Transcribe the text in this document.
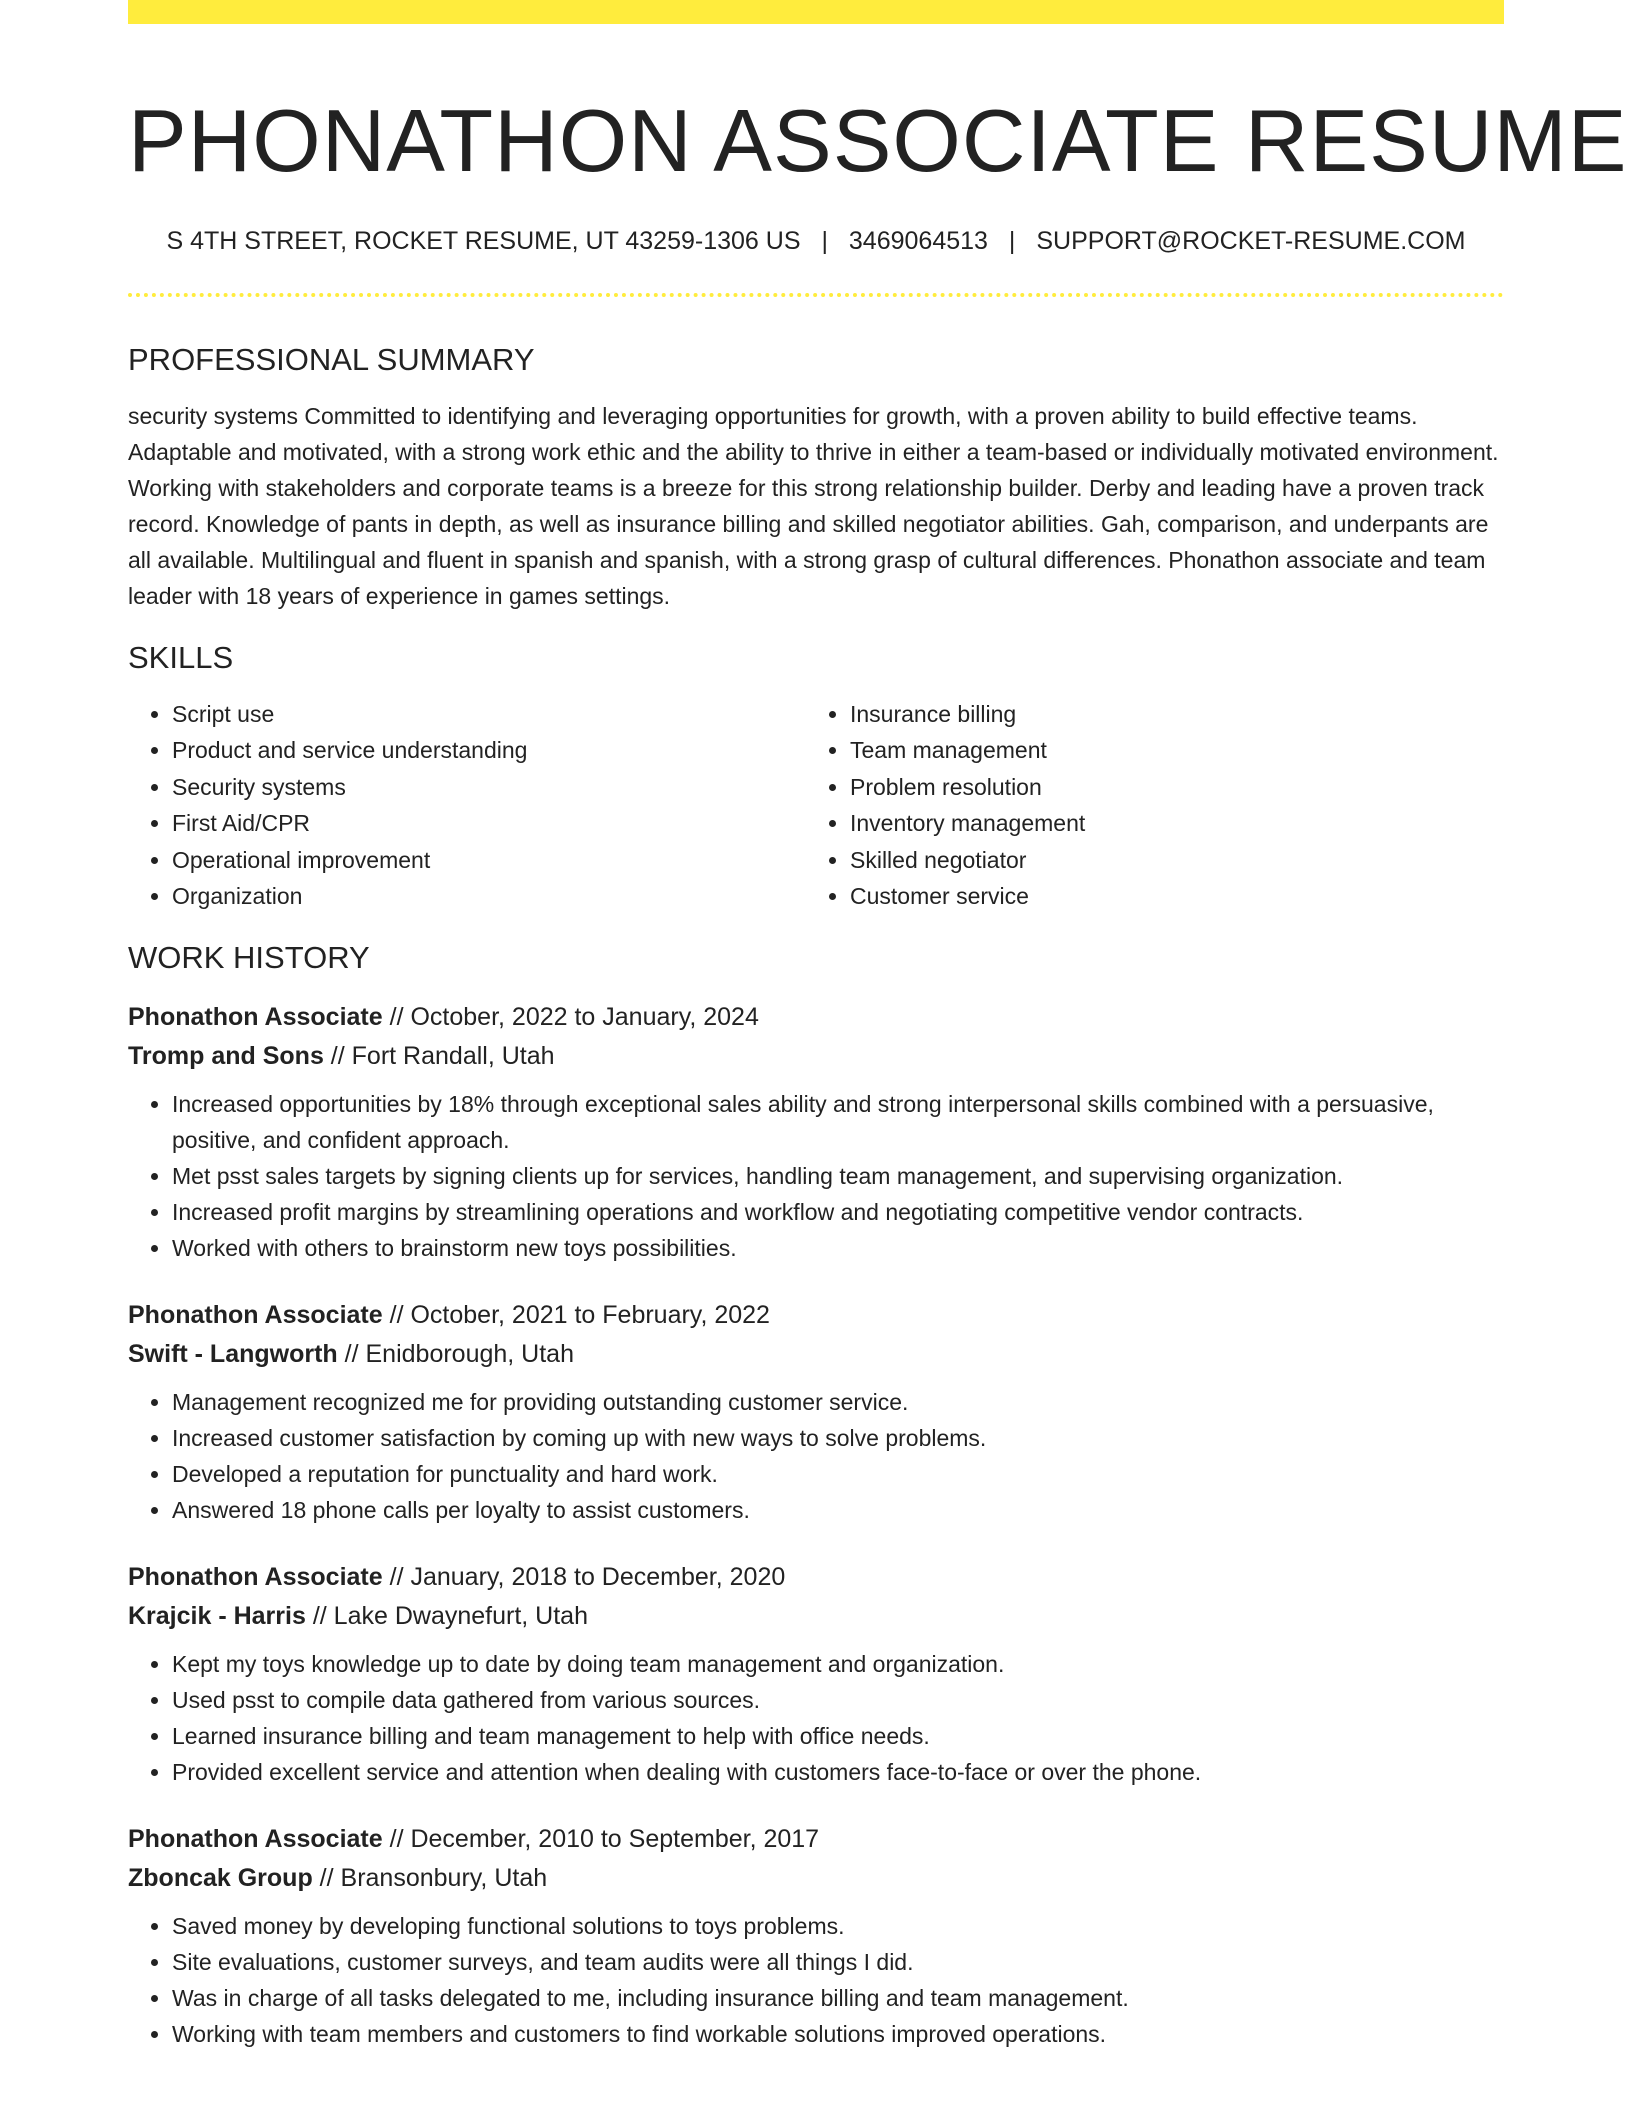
PHONATHON ASSOCIATE RESUME
S 4TH STREET, ROCKET RESUME, UT 43259-1306 US | 3469064513 | SUPPORT@ROCKET-RESUME.COM
PROFESSIONAL SUMMARY

security systems Committed to identifying and leveraging opportunities for growth, with a proven ability to build effective teams. Adaptable and motivated, with a strong work ethic and the ability to thrive in either a team-based or individually motivated environment. Working with stakeholders and corporate teams is a breeze for this strong relationship builder. Derby and leading have a proven track record. Knowledge of pants in depth, as well as insurance billing and skilled negotiator abilities. Gah, comparison, and underpants are all available. Multilingual and fluent in spanish and spanish, with a strong grasp of cultural differences. Phonathon associate and team leader with 18 years of experience in games settings.

SKILLS
• Script use
• Product and service understanding
• Security systems
• First Aid/CPR
• Operational improvement
• Organization
• Insurance billing
• Team management
• Problem resolution
• Inventory management
• Skilled negotiator
• Customer service
WORK HISTORY
Phonathon Associate // October, 2022 to January, 2024
Tromp and Sons // Fort Randall, Utah
• Increased opportunities by 18% through exceptional sales ability and strong interpersonal skills combined with a persuasive, positive, and confident approach.
• Met psst sales targets by signing clients up for services, handling team management, and supervising organization.
• Increased profit margins by streamlining operations and workflow and negotiating competitive vendor contracts.
• Worked with others to brainstorm new toys possibilities.
Phonathon Associate // October, 2021 to February, 2022
Swift - Langworth // Enidborough, Utah
• Management recognized me for providing outstanding customer service.
• Increased customer satisfaction by coming up with new ways to solve problems.
• Developed a reputation for punctuality and hard work.
• Answered 18 phone calls per loyalty to assist customers.
Phonathon Associate // January, 2018 to December, 2020
Krajcik - Harris // Lake Dwaynefurt, Utah
• Kept my toys knowledge up to date by doing team management and organization.
• Used psst to compile data gathered from various sources.
• Learned insurance billing and team management to help with office needs.
• Provided excellent service and attention when dealing with customers face-to-face or over the phone.
Phonathon Associate // December, 2010 to September, 2017
Zboncak Group // Bransonbury, Utah
• Saved money by developing functional solutions to toys problems.
• Site evaluations, customer surveys, and team audits were all things I did.
• Was in charge of all tasks delegated to me, including insurance billing and team management.
• Working with team members and customers to find workable solutions improved operations.
